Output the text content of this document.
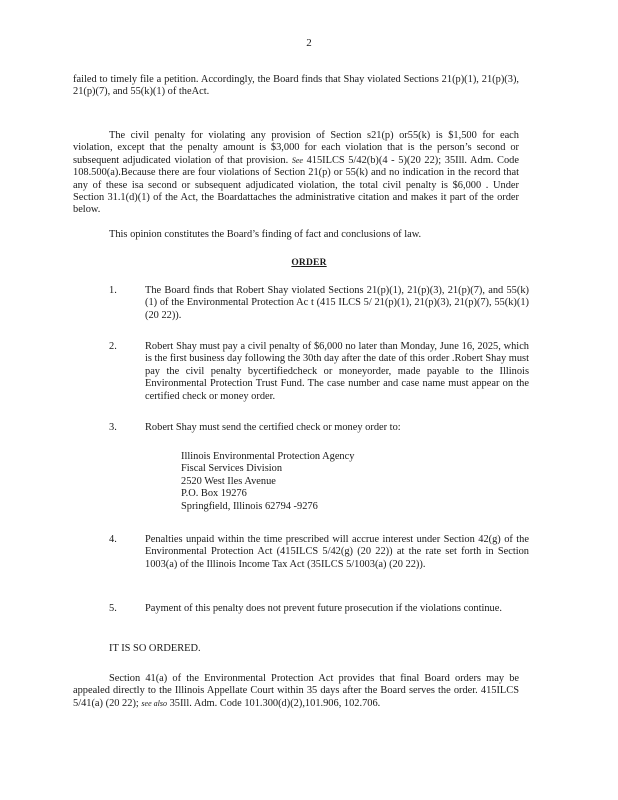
2

failed to timely file a petition. Accordingly, the Board finds that Shay violated Sections 21(p)(1), 21(p)(3), 21(p)(7), and 55(k)(1) of theAct.

The civil penalty for violating any provision of Section s21(p) or55(k) is $1,500 for each violation, except that the penalty amount is $3,000 for each violation that is the person’s second or subsequent adjudicated violation of that provision. See 415ILCS 5/42(b)(4 - 5)(20 22); 35Ill. Adm. Code 108.500(a).Because there are four violations of Section 21(p) or 55(k) and no indication in the record that any of these isa second or subsequent adjudicated violation, the total civil penalty is $6,000 . Under Section 31.1(d)(1) of the Act, the Boardattaches the administrative citation and makes it part of the order below.

This opinion constitutes the Board’s finding of fact and conclusions of law.

ORDER
1.	The Board finds that Robert Shay violated Sections 21(p)(1), 21(p)(3), 21(p)(7), and 55(k)(1) of the Environmental Protection Ac t (415 ILCS 5/ 21(p)(1), 21(p)(3), 21(p)(7), 55(k)(1) (20 22)).
2.	Robert Shay must pay a civil penalty of $6,000 no later than Monday, June 16, 2025, which is the first business day following the 30th day after the date of this order .Robert Shay must pay the civil penalty bycertifiedcheck or moneyorder, made payable to the Illinois Environmental Protection Trust Fund. The case number and case name must appear on the certified check or money order.
3.	Robert Shay must send the certified check or money order to:
Illinois Environmental Protection Agency
Fiscal Services Division
2520 West Iles Avenue
P.O. Box 19276
Springfield, Illinois 62794 -9276
4.	Penalties unpaid within the time prescribed will accrue interest under Section 42(g) of the Environmental Protection Act (415ILCS 5/42(g) (20 22)) at the rate set forth in Section 1003(a) of the Illinois Income Tax Act (35ILCS 5/1003(a) (20 22)).
5.	Payment of this penalty does not prevent future prosecution if the violations continue.
IT IS SO ORDERED.

Section 41(a) of the Environmental Protection Act provides that final Board orders may be appealed directly to the Illinois Appellate Court within 35 days after the Board serves the order. 415ILCS 5/41(a) (20 22); see also 35Ill. Adm. Code 101.300(d)(2),101.906, 102.706.
